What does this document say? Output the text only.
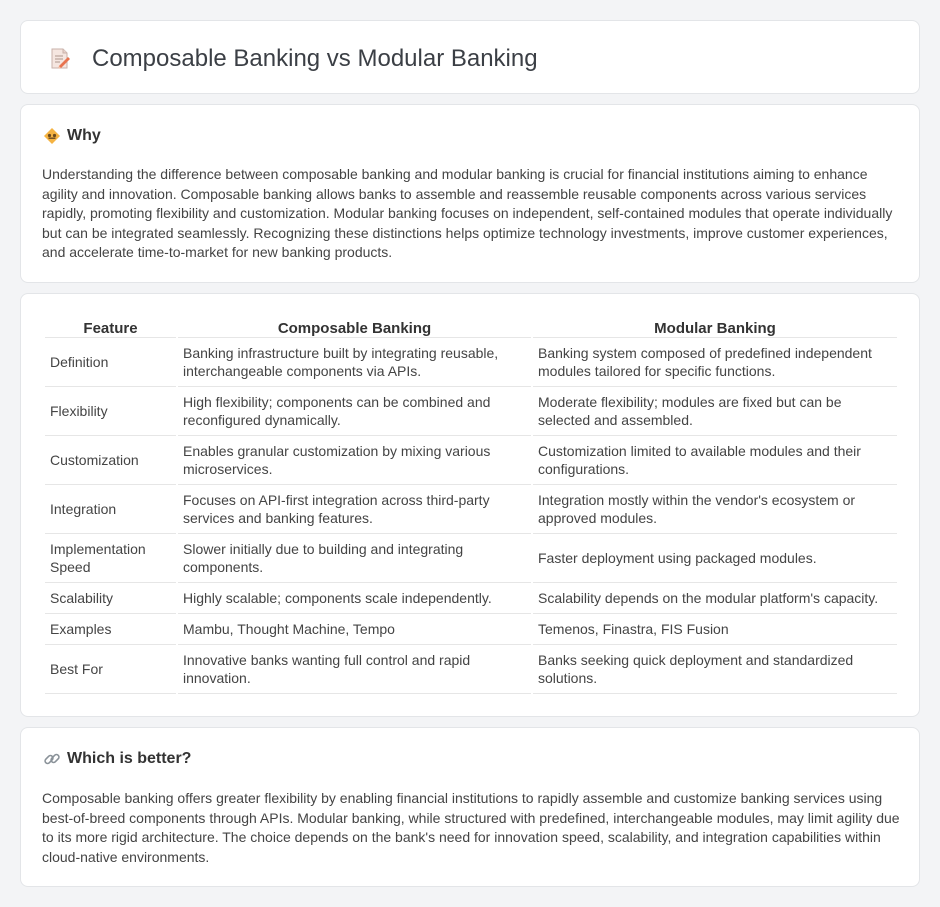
Composable Banking vs Modular Banking
Why

Understanding the difference between composable banking and modular banking is crucial for financial institutions aiming to enhance agility and innovation. Composable banking allows banks to assemble and reassemble reusable components across various services rapidly, promoting flexibility and customization. Modular banking focuses on independent, self-contained modules that operate individually but can be integrated seamlessly. Recognizing these distinctions helps optimize technology investments, improve customer experiences, and accelerate time-to-market for new banking products.

Feature	Composable Banking	Modular Banking
Definition	Banking infrastructure built by integrating reusable, interchangeable components via APIs.	Banking system composed of predefined independent modules tailored for specific functions.
Flexibility	High flexibility; components can be combined and reconfigured dynamically.	Moderate flexibility; modules are fixed but can be selected and assembled.
Customization	Enables granular customization by mixing various microservices.	Customization limited to available modules and their configurations.
Integration	Focuses on API-first integration across third-party services and banking features.	Integration mostly within the vendor's ecosystem or approved modules.
Implementation Speed	Slower initially due to building and integrating components.	Faster deployment using packaged modules.
Scalability	Highly scalable; components scale independently.	Scalability depends on the modular platform's capacity.
Examples	Mambu, Thought Machine, Tempo	Temenos, Finastra, FIS Fusion
Best For	Innovative banks wanting full control and rapid innovation.	Banks seeking quick deployment and standardized solutions.
Which is better?

Composable banking offers greater flexibility by enabling financial institutions to rapidly assemble and customize banking services using best-of-breed components through APIs. Modular banking, while structured with predefined, interchangeable modules, may limit agility due to its more rigid architecture. The choice depends on the bank's need for innovation speed, scalability, and integration capabilities within cloud-native environments.
